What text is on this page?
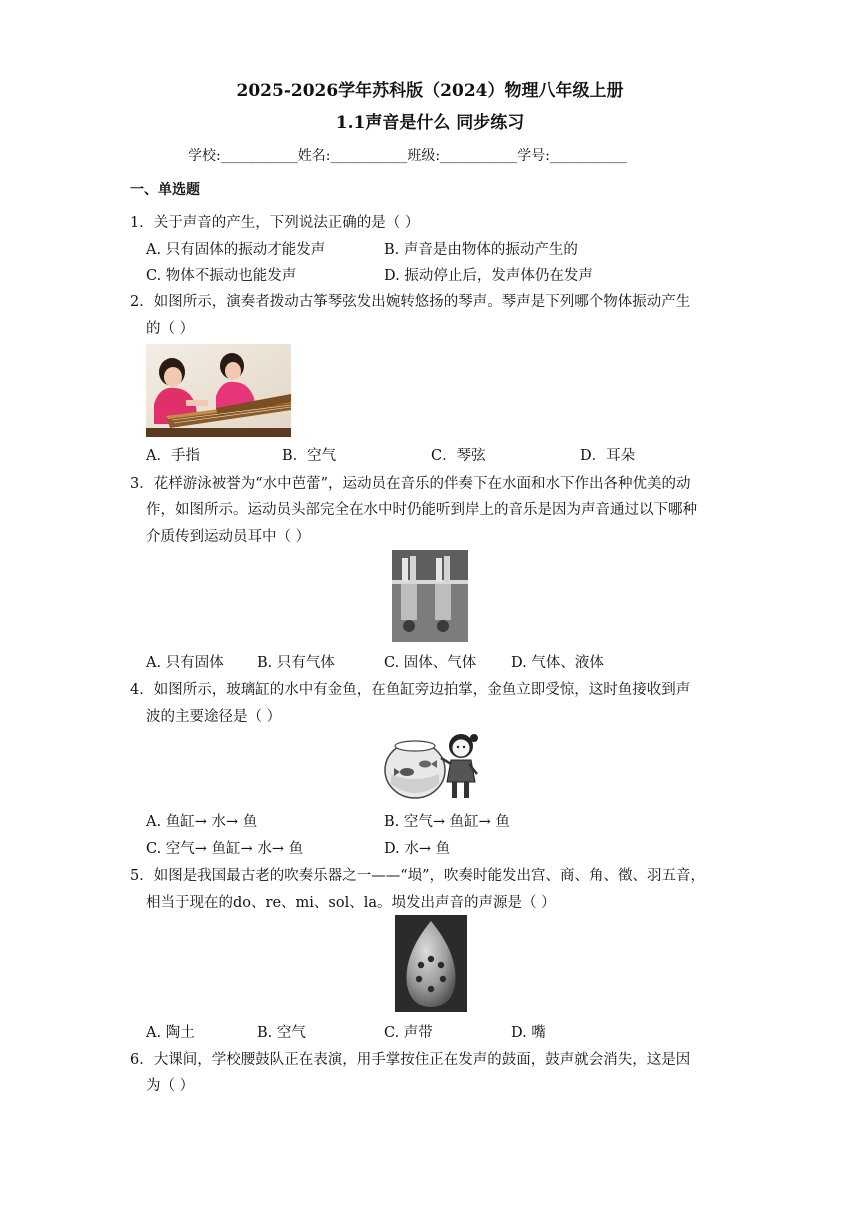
2025-2026学年苏科版（2024）物理八年级上册
1.1声音是什么 同步练习
学校:___________姓名:___________班级:___________学号:___________
一、单选题
1．关于声音的产生，下列说法正确的是（ ）
A. 只有固体的振动才能发声	B. 声音是由物体的振动产生的
C. 物体不振动也能发声	D. 振动停止后，发声体仍在发声
2．如图所示，演奏者拨动古筝琴弦发出婉转悠扬的琴声。琴声是下列哪个物体振动产生
的（ ）
A．手指	B．空气	C．琴弦	D．耳朵
3．花样游泳被誉为“水中芭蕾”，运动员在音乐的伴奏下在水面和水下作出各种优美的动
作，如图所示。运动员头部完全在水中时仍能听到岸上的音乐是因为声音通过以下哪种
介质传到运动员耳中（ ）
A. 只有固体 B. 只有气体	C. 固体、气体 D. 气体、液体
4．如图所示，玻璃缸的水中有金鱼，在鱼缸旁边拍掌，金鱼立即受惊，这时鱼接收到声
波的主要途径是（ ）
A. 鱼缸→ 水→ 鱼	B. 空气→ 鱼缸→ 鱼
C. 空气→ 鱼缸→ 水→ 鱼	D. 水→ 鱼
5．如图是我国最古老的吹奏乐器之一——“埙”，吹奏时能发出宫、商、角、徵、羽五音，
相当于现在的do、re、mi、sol、la。埙发出声音的声源是（ ）
A. 陶土	B. 空气	C. 声带	D. 嘴
6．大课间，学校腰鼓队正在表演，用手掌按住正在发声的鼓面，鼓声就会消失，这是因
为（ ）
